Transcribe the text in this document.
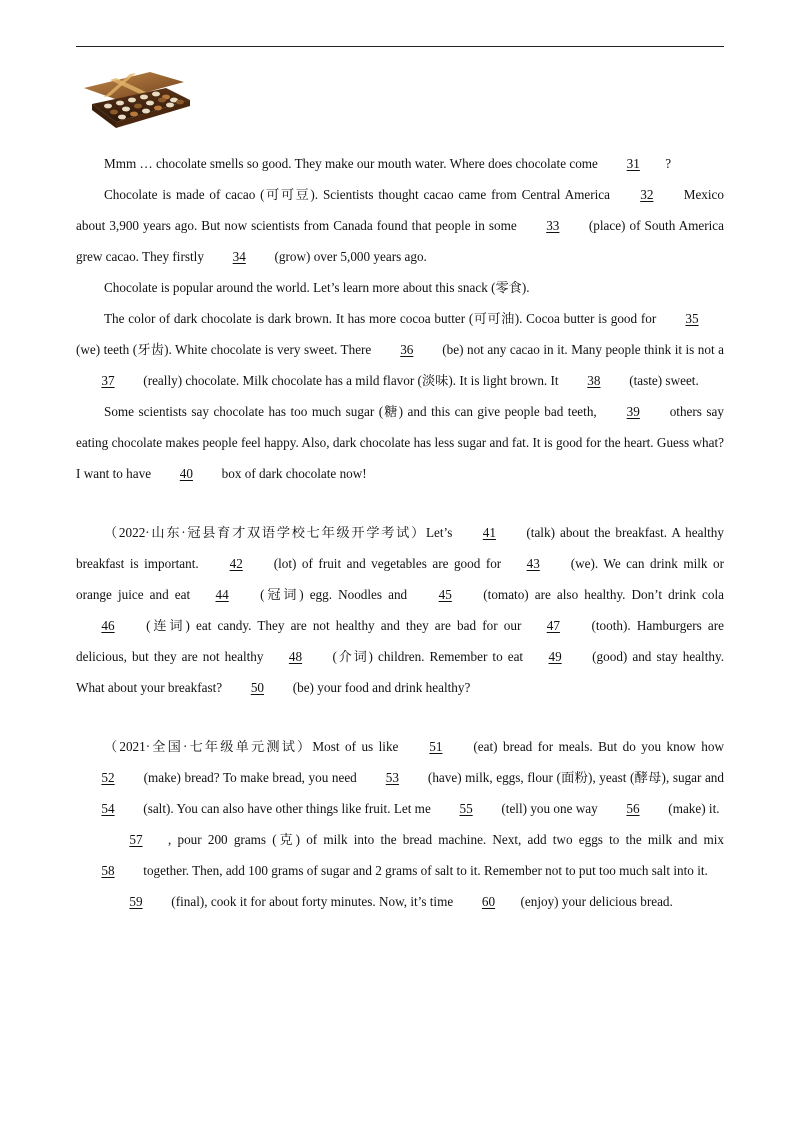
Mmm … chocolate smells so good. They make our mouth water. Where does chocolate come 31 ?

Chocolate is made of cacao (可可豆). Scientists thought cacao came from Central America 32 Mexico about 3,900 years ago. But now scientists from Canada found that people in some 33 (place) of South America grew cacao. They firstly 34 (grow) over 5,000 years ago.

Chocolate is popular around the world. Let’s learn more about this snack (零食).

The color of dark chocolate is dark brown. It has more cocoa butter (可可油). Cocoa butter is good for 35 (we) teeth (牙齿). White chocolate is very sweet. There 36 (be) not any cacao in it. Many people think it is not a 37 (really) chocolate. Milk chocolate has a mild flavor (淡味). It is light brown. It 38 (taste) sweet.

Some scientists say chocolate has too much sugar (糖) and this can give people bad teeth, 39 others say eating chocolate makes people feel happy. Also, dark chocolate has less sugar and fat. It is good for the heart. Guess what? I want to have 40 box of dark chocolate now!

（2022·山东·冠县育才双语学校七年级开学考试）Let’s 41 (talk) about the breakfast. A healthy breakfast is important. 42 (lot) of fruit and vegetables are good for 43 (we). We can drink milk or orange juice and eat 44 (冠词) egg. Noodles and 45 (tomato) are also healthy. Don’t drink cola 46 (连词) eat candy. They are not healthy and they are bad for our 47 (tooth). Hamburgers are delicious, but they are not healthy 48 (介词) children. Remember to eat 49 (good) and stay healthy. What about your breakfast? 50 (be) your food and drink healthy?

（2021·全国·七年级单元测试）Most of us like 51 (eat) bread for meals. But do you know how 52 (make) bread? To make bread, you need 53 (have) milk, eggs, flour (面粉), yeast (酵母), sugar and 54 (salt). You can also have other things like fruit. Let me 55 (tell) you one way 56 (make) it.

57 , pour 200 grams (克) of milk into the bread machine. Next, add two eggs to the milk and mix 58 together. Then, add 100 grams of sugar and 2 grams of salt to it. Remember not to put too much salt into it.

59 (final), cook it for about forty minutes. Now, it’s time 60 (enjoy) your delicious bread.
